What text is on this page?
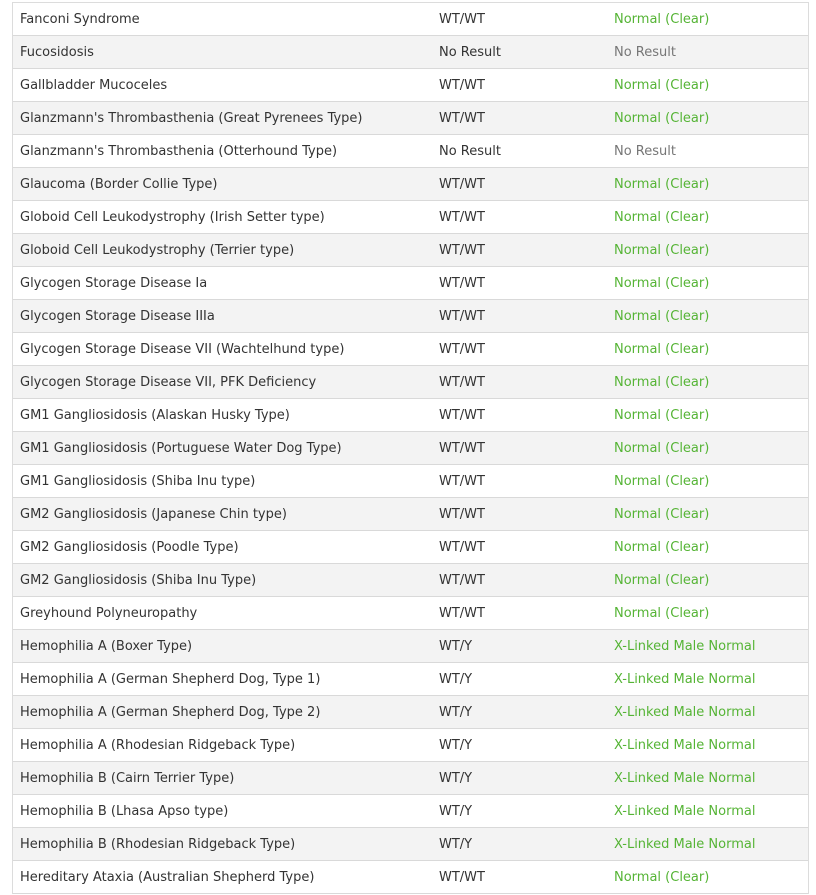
Fanconi Syndrome	WT/WT	Normal (Clear)
Fucosidosis	No Result	No Result
Gallbladder Mucoceles	WT/WT	Normal (Clear)
Glanzmann's Thrombasthenia (Great Pyrenees Type)	WT/WT	Normal (Clear)
Glanzmann's Thrombasthenia (Otterhound Type)	No Result	No Result
Glaucoma (Border Collie Type)	WT/WT	Normal (Clear)
Globoid Cell Leukodystrophy (Irish Setter type)	WT/WT	Normal (Clear)
Globoid Cell Leukodystrophy (Terrier type)	WT/WT	Normal (Clear)
Glycogen Storage Disease Ia	WT/WT	Normal (Clear)
Glycogen Storage Disease IIIa	WT/WT	Normal (Clear)
Glycogen Storage Disease VII (Wachtelhund type)	WT/WT	Normal (Clear)
Glycogen Storage Disease VII, PFK Deficiency	WT/WT	Normal (Clear)
GM1 Gangliosidosis (Alaskan Husky Type)	WT/WT	Normal (Clear)
GM1 Gangliosidosis (Portuguese Water Dog Type)	WT/WT	Normal (Clear)
GM1 Gangliosidosis (Shiba Inu type)	WT/WT	Normal (Clear)
GM2 Gangliosidosis (Japanese Chin type)	WT/WT	Normal (Clear)
GM2 Gangliosidosis (Poodle Type)	WT/WT	Normal (Clear)
GM2 Gangliosidosis (Shiba Inu Type)	WT/WT	Normal (Clear)
Greyhound Polyneuropathy	WT/WT	Normal (Clear)
Hemophilia A (Boxer Type)	WT/Y	X-Linked Male Normal
Hemophilia A (German Shepherd Dog, Type 1)	WT/Y	X-Linked Male Normal
Hemophilia A (German Shepherd Dog, Type 2)	WT/Y	X-Linked Male Normal
Hemophilia A (Rhodesian Ridgeback Type)	WT/Y	X-Linked Male Normal
Hemophilia B (Cairn Terrier Type)	WT/Y	X-Linked Male Normal
Hemophilia B (Lhasa Apso type)	WT/Y	X-Linked Male Normal
Hemophilia B (Rhodesian Ridgeback Type)	WT/Y	X-Linked Male Normal
Hereditary Ataxia (Australian Shepherd Type)	WT/WT	Normal (Clear)
